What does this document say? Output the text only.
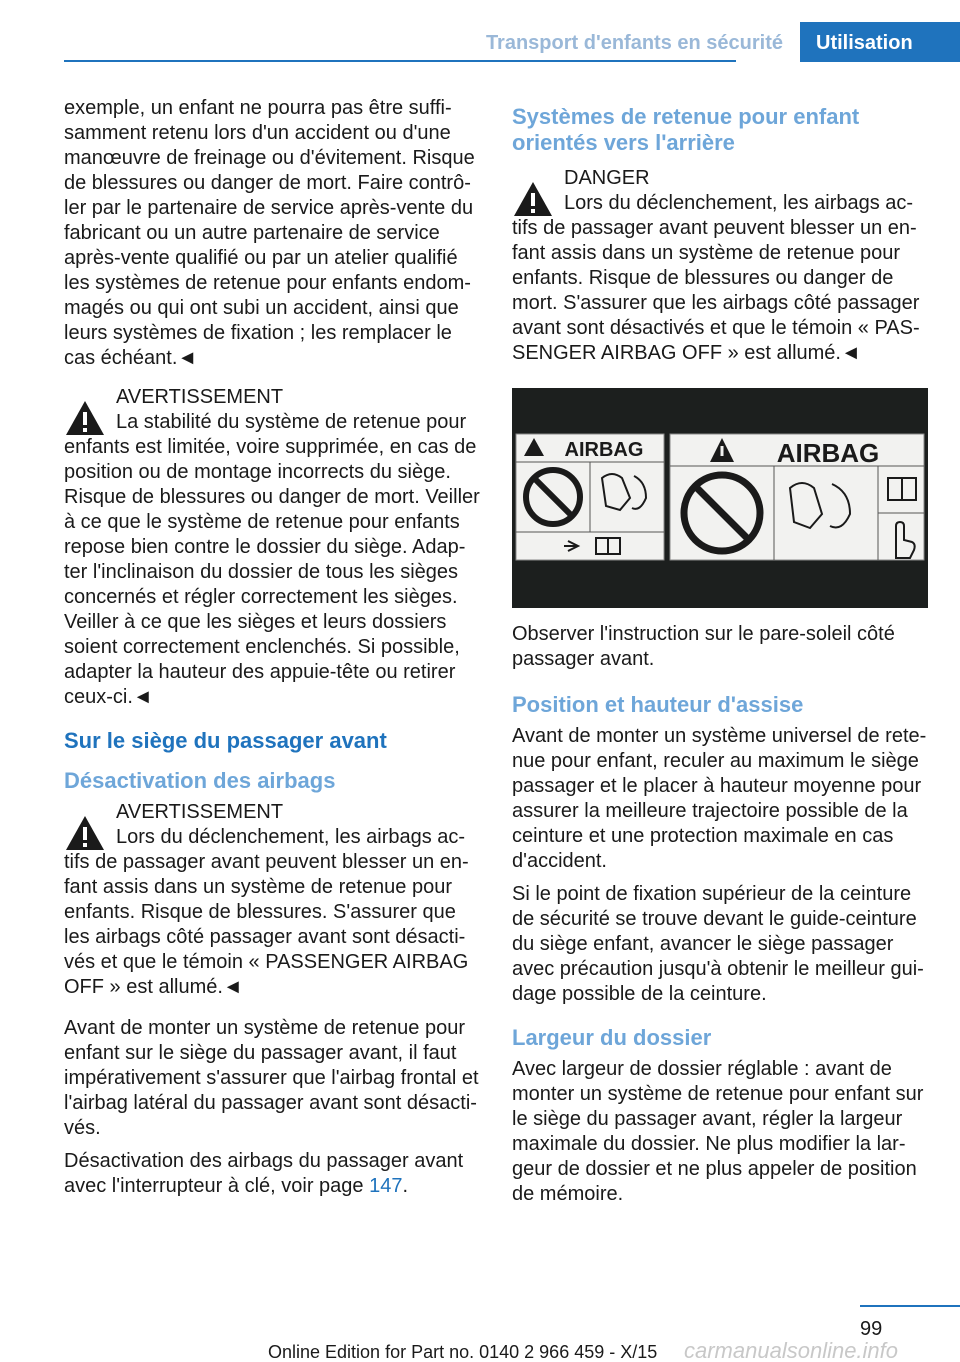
Transport d'enfants en sécurité	Utilisation

exemple, un enfant ne pourra pas être suffi-samment retenu lors d'un accident ou d'une manœuvre de freinage ou d'évitement. Risque de blessures ou danger de mort. Faire contrô-ler par le partenaire de service après-vente du fabricant ou un autre partenaire de service après-vente qualifié ou par un atelier qualifié les systèmes de retenue pour enfants endom-magés ou qui ont subi un accident, ainsi que leurs systèmes de fixation ; les remplacer le cas échéant.◄

AVERTISSEMENT
La stabilité du système de retenue pour
enfants est limitée, voire supprimée, en cas de position ou de montage incorrects du siège. Risque de blessures ou danger de mort. Veiller à ce que le système de retenue pour enfants repose bien contre le dossier du siège. Adap-ter l'inclinaison du dossier de tous les sièges concernés et régler correctement les sièges. Veiller à ce que les sièges et leurs dossiers soient correctement enclenchés. Si possible, adapter la hauteur des appuie-tête ou retirer ceux-ci.◄
Sur le siège du passager avant
Désactivation des airbags
AVERTISSEMENT
Lors du déclenchement, les airbags ac-
tifs de passager avant peuvent blesser un en-fant assis dans un système de retenue pour enfants. Risque de blessures. S'assurer que les airbags côté passager avant sont désacti-vés et que le témoin « PASSENGER AIRBAG OFF » est allumé.◄

Avant de monter un système de retenue pour enfant sur le siège du passager avant, il faut impérativement s'assurer que l'airbag frontal et l'airbag latéral du passager avant sont désacti-vés.

Désactivation des airbags du passager avant avec l'interrupteur à clé, voir page 147.

Systèmes de retenue pour enfant orientés vers l'arrière
DANGER
Lors du déclenchement, les airbags ac-
tifs de passager avant peuvent blesser un en-fant assis dans un système de retenue pour enfants. Risque de blessures ou danger de mort. S'assurer que les airbags côté passager avant sont désactivés et que le témoin « PAS-SENGER AIRBAG OFF » est allumé.◄
AIRBAG	AIRBAG

Observer l'instruction sur le pare-soleil côté passager avant.

Position et hauteur d'assise

Avant de monter un système universel de rete-nue pour enfant, reculer au maximum le siège passager et le placer à hauteur moyenne pour assurer la meilleure trajectoire possible de la ceinture et une protection maximale en cas d'accident.

Si le point de fixation supérieur de la ceinture de sécurité se trouve devant le guide-ceinture du siège enfant, avancer le siège passager avec précaution jusqu'à obtenir le meilleur gui-dage possible de la ceinture.

Largeur du dossier

Avec largeur de dossier réglable : avant de monter un système de retenue pour enfant sur le siège du passager avant, régler la largeur maximale du dossier. Ne plus modifier la lar-geur de dossier et ne plus appeler de position de mémoire.

99
Online Edition for Part no. 0140 2 966 459 - X/15 carmanualsonline.info
